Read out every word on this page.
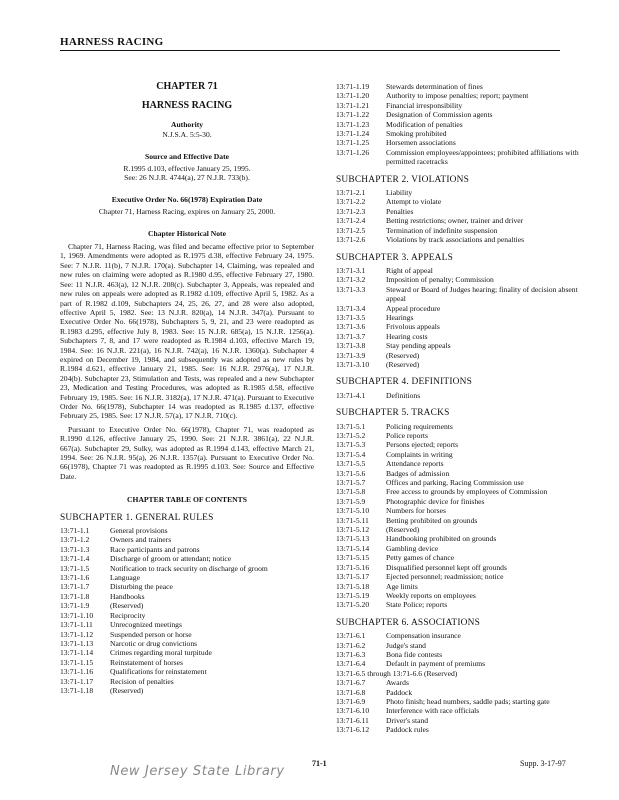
HARNESS RACING
CHAPTER 71
HARNESS RACING
Authority
N.J.S.A. 5:5-30.
Source and Effective Date
R.1995 d.103, effective January 25, 1995.
See: 26 N.J.R. 4744(a), 27 N.J.R. 733(b).
Executive Order No. 66(1978) Expiration Date
Chapter 71, Harness Racing, expires on January 25, 2000.
Chapter Historical Note
Chapter 71, Harness Racing, was filed and became effective prior to September 1, 1969. Amendments were adopted as R.1975 d.38, effective February 24, 1975. See: 7 N.J.R. 11(b), 7 N.J.R. 170(a). Subchapter 14, Claiming, was repealed and new rules on claiming were adopted as R.1980 d.95, effective February 27, 1980. See: 11 N.J.R. 463(a), 12 N.J.R. 208(c). Subchapter 3, Appeals, was repealed and new rules on appeals were adopted as R.1982 d.109, effective April 5, 1982. As a part of R.1982 d.109, Subchapters 24, 25, 26, 27, and 28 were also adopted, effective April 5, 1982. See: 13 N.J.R. 820(a), 14 N.J.R. 347(a). Pursuant to Executive Order No. 66(1978), Subchapters 5, 9, 21, and 23 were readopted as R.1983 d.295, effective July 8, 1983. See: 15 N.J.R. 685(a), 15 N.J.R. 1256(a). Subchapters 7, 8, and 17 were readopted as R.1984 d.103, effective March 19, 1984. See: 16 N.J.R. 221(a), 16 N.J.R. 742(a), 16 N.J.R. 1360(a). Subchapter 4 expired on December 19, 1984, and subsequently was adopted as new rules by R.1984 d.621, effective January 21, 1985. See: 16 N.J.R. 2976(a), 17 N.J.R. 204(b). Subchapter 23, Stimulation and Tests, was repealed and a new Subchapter 23, Medication and Testing Procedures, was adopted as R.1985 d.58, effective February 19, 1985. See: 16 N.J.R. 3182(a), 17 N.J.R. 471(a). Pursuant to Executive Order No. 66(1978), Subchapter 14 was readopted as R.1985 d.137, effective February 25, 1985. See: 17 N.J.R. 57(a), 17 N.J.R. 710(c).
Pursuant to Executive Order No. 66(1978), Chapter 71, was readopted as R.1990 d.126, effective January 25, 1990. See: 21 N.J.R. 3861(a), 22 N.J.R. 667(a). Subchapter 29, Sulky, was adopted as R.1994 d.143, effective March 21, 1994. See: 26 N.J.R. 95(a), 26 N.J.R. 1357(a). Pursuant to Executive Order No. 66(1978), Chapter 71 was readopted as R.1995 d.103. See: Source and Effective Date.
CHAPTER TABLE OF CONTENTS
SUBCHAPTER 1. GENERAL RULES
13:71-1.1	General provisions
13:71-1.2	Owners and trainers
13:71-1.3	Race participants and patrons
13:71-1.4	Discharge of groom or attendant; notice
13:71-1.5	Notification to track security on discharge of groom
13:71-1.6	Language
13:71-1.7	Disturbing the peace
13:71-1.8	Handbooks
13:71-1.9	(Reserved)
13:71-1.10	Reciprocity
13:71-1.11	Unrecognized meetings
13:71-1.12	Suspended person or horse
13:71-1.13	Narcotic or drug convictions
13:71-1.14	Crimes regarding moral turpitude
13:71-1.15	Reinstatement of horses
13:71-1.16	Qualifications for reinstatement
13:71-1.17	Recision of penalties
13:71-1.18	(Reserved)
13:71-1.19	Stewards determination of fines
13:71-1.20	Authority to impose penalties; report; payment
13:71-1.21	Financial irresponsibility
13:71-1.22	Designation of Commission agents
13:71-1.23	Modification of penalties
13:71-1.24	Smoking prohibited
13:71-1.25	Horsemen associations
13:71-1.26	Commission employees/appointees; prohibited affiliations with permitted racetracks
SUBCHAPTER 2. VIOLATIONS
13:71-2.1	Liability
13:71-2.2	Attempt to violate
13:71-2.3	Penalties
13:71-2.4	Betting restrictions; owner, trainer and driver
13:71-2.5	Termination of indefinite suspension
13:71-2.6	Violations by track associations and penalties
SUBCHAPTER 3. APPEALS
13:71-3.1	Right of appeal
13:71-3.2	Imposition of penalty; Commission
13:71-3.3	Steward or Board of Judges hearing; finality of decision absent appeal
13:71-3.4	Appeal procedure
13:71-3.5	Hearings
13:71-3.6	Frivolous appeals
13:71-3.7	Hearing costs
13:71-3.8	Stay pending appeals
13:71-3.9	(Reserved)
13:71-3.10	(Reserved)
SUBCHAPTER 4. DEFINITIONS
13:71-4.1	Definitions
SUBCHAPTER 5. TRACKS
13:71-5.1	Policing requirements
13:71-5.2	Police reports
13:71-5.3	Persons ejected; reports
13:71-5.4	Complaints in writing
13:71-5.5	Attendance reports
13:71-5.6	Badges of admission
13:71-5.7	Offices and parking, Racing Commission use
13:71-5.8	Free access to grounds by employees of Commission
13:71-5.9	Photographic device for finishes
13:71-5.10	Numbers for horses
13:71-5.11	Betting prohibited on grounds
13:71-5.12	(Reserved)
13:71-5.13	Handbooking prohibited on grounds
13:71-5.14	Gambling device
13:71-5.15	Petty games of chance
13:71-5.16	Disqualified personnel kept off grounds
13:71-5.17	Ejected personnel; readmission; notice
13:71-5.18	Age limits
13:71-5.19	Weekly reports on employees
13:71-5.20	State Police; reports
SUBCHAPTER 6. ASSOCIATIONS
13:71-6.1	Compensation insurance
13:71-6.2	Judge's stand
13:71-6.3	Bona fide contests
13:71-6.4	Default in payment of premiums
13:71-6.5 through 13:71-6.6 (Reserved)
13:71-6.7	Awards
13:71-6.8	Paddock
13:71-6.9	Photo finish; head numbers, saddle pads; starting gate
13:71-6.10	Interference with race officials
13:71-6.11	Driver's stand
13:71-6.12	Paddock rules
New Jersey State Library
71-1	Supp. 3-17-97
